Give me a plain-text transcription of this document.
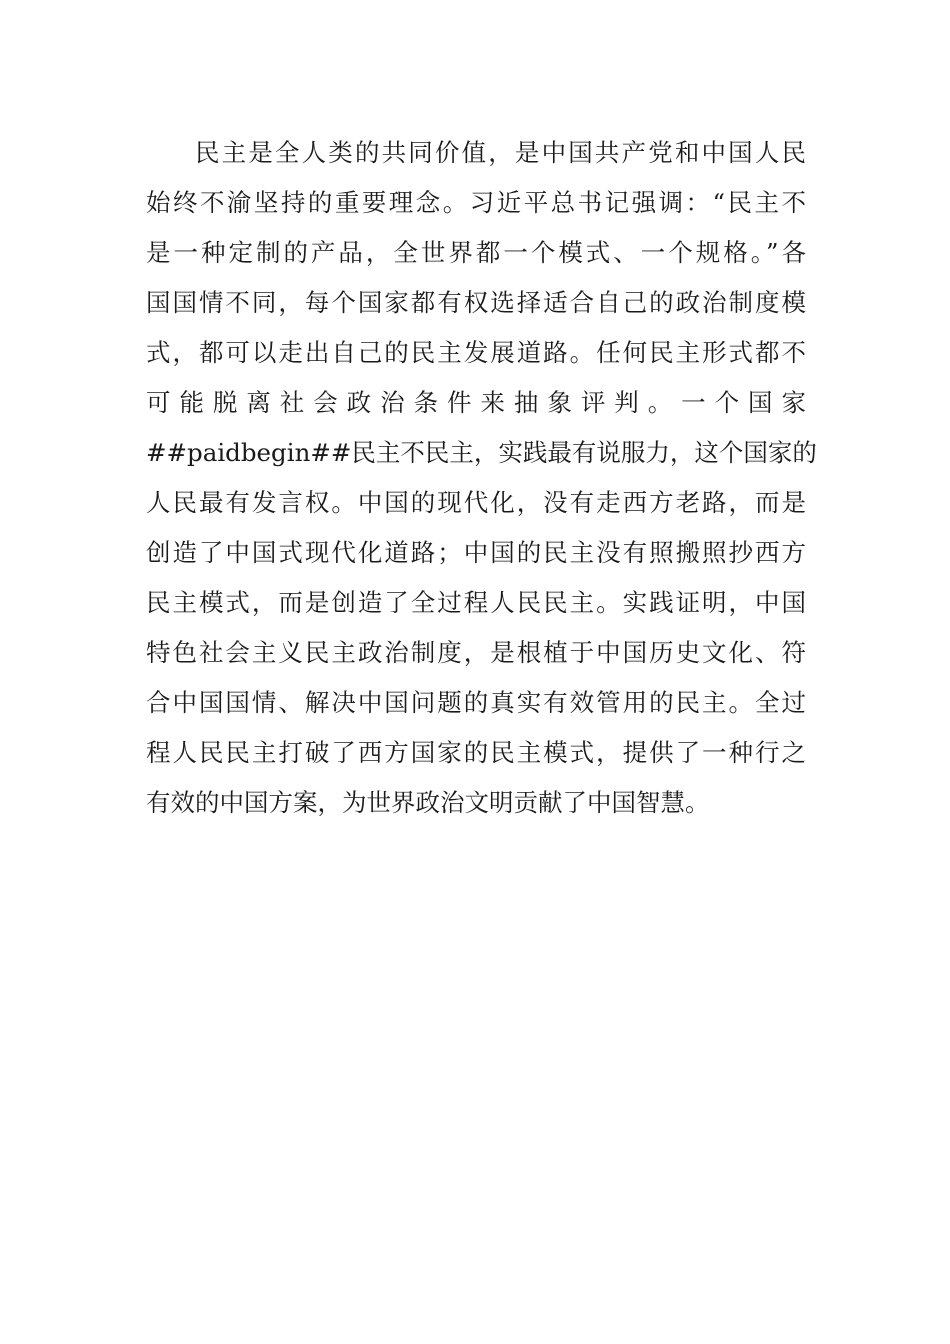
民主是全人类的共同价值，是中国共产党和中国人民
始终不渝坚持的重要理念。习近平总书记强调：“民主不
是一种定制的产品，全世界都一个模式、一个规格。”各
国国情不同，每个国家都有权选择适合自己的政治制度模
式，都可以走出自己的民主发展道路。任何民主形式都不
可能脱离社会政治条件来抽象评判。一个国家
##paidbegin##民主不民主，实践最有说服力，这个国家的
人民最有发言权。中国的现代化，没有走西方老路，而是
创造了中国式现代化道路；中国的民主没有照搬照抄西方
民主模式，而是创造了全过程人民民主。实践证明，中国
特色社会主义民主政治制度，是根植于中国历史文化、符
合中国国情、解决中国问题的真实有效管用的民主。全过
程人民民主打破了西方国家的民主模式，提供了一种行之
有效的中国方案，为世界政治文明贡献了中国智慧。
